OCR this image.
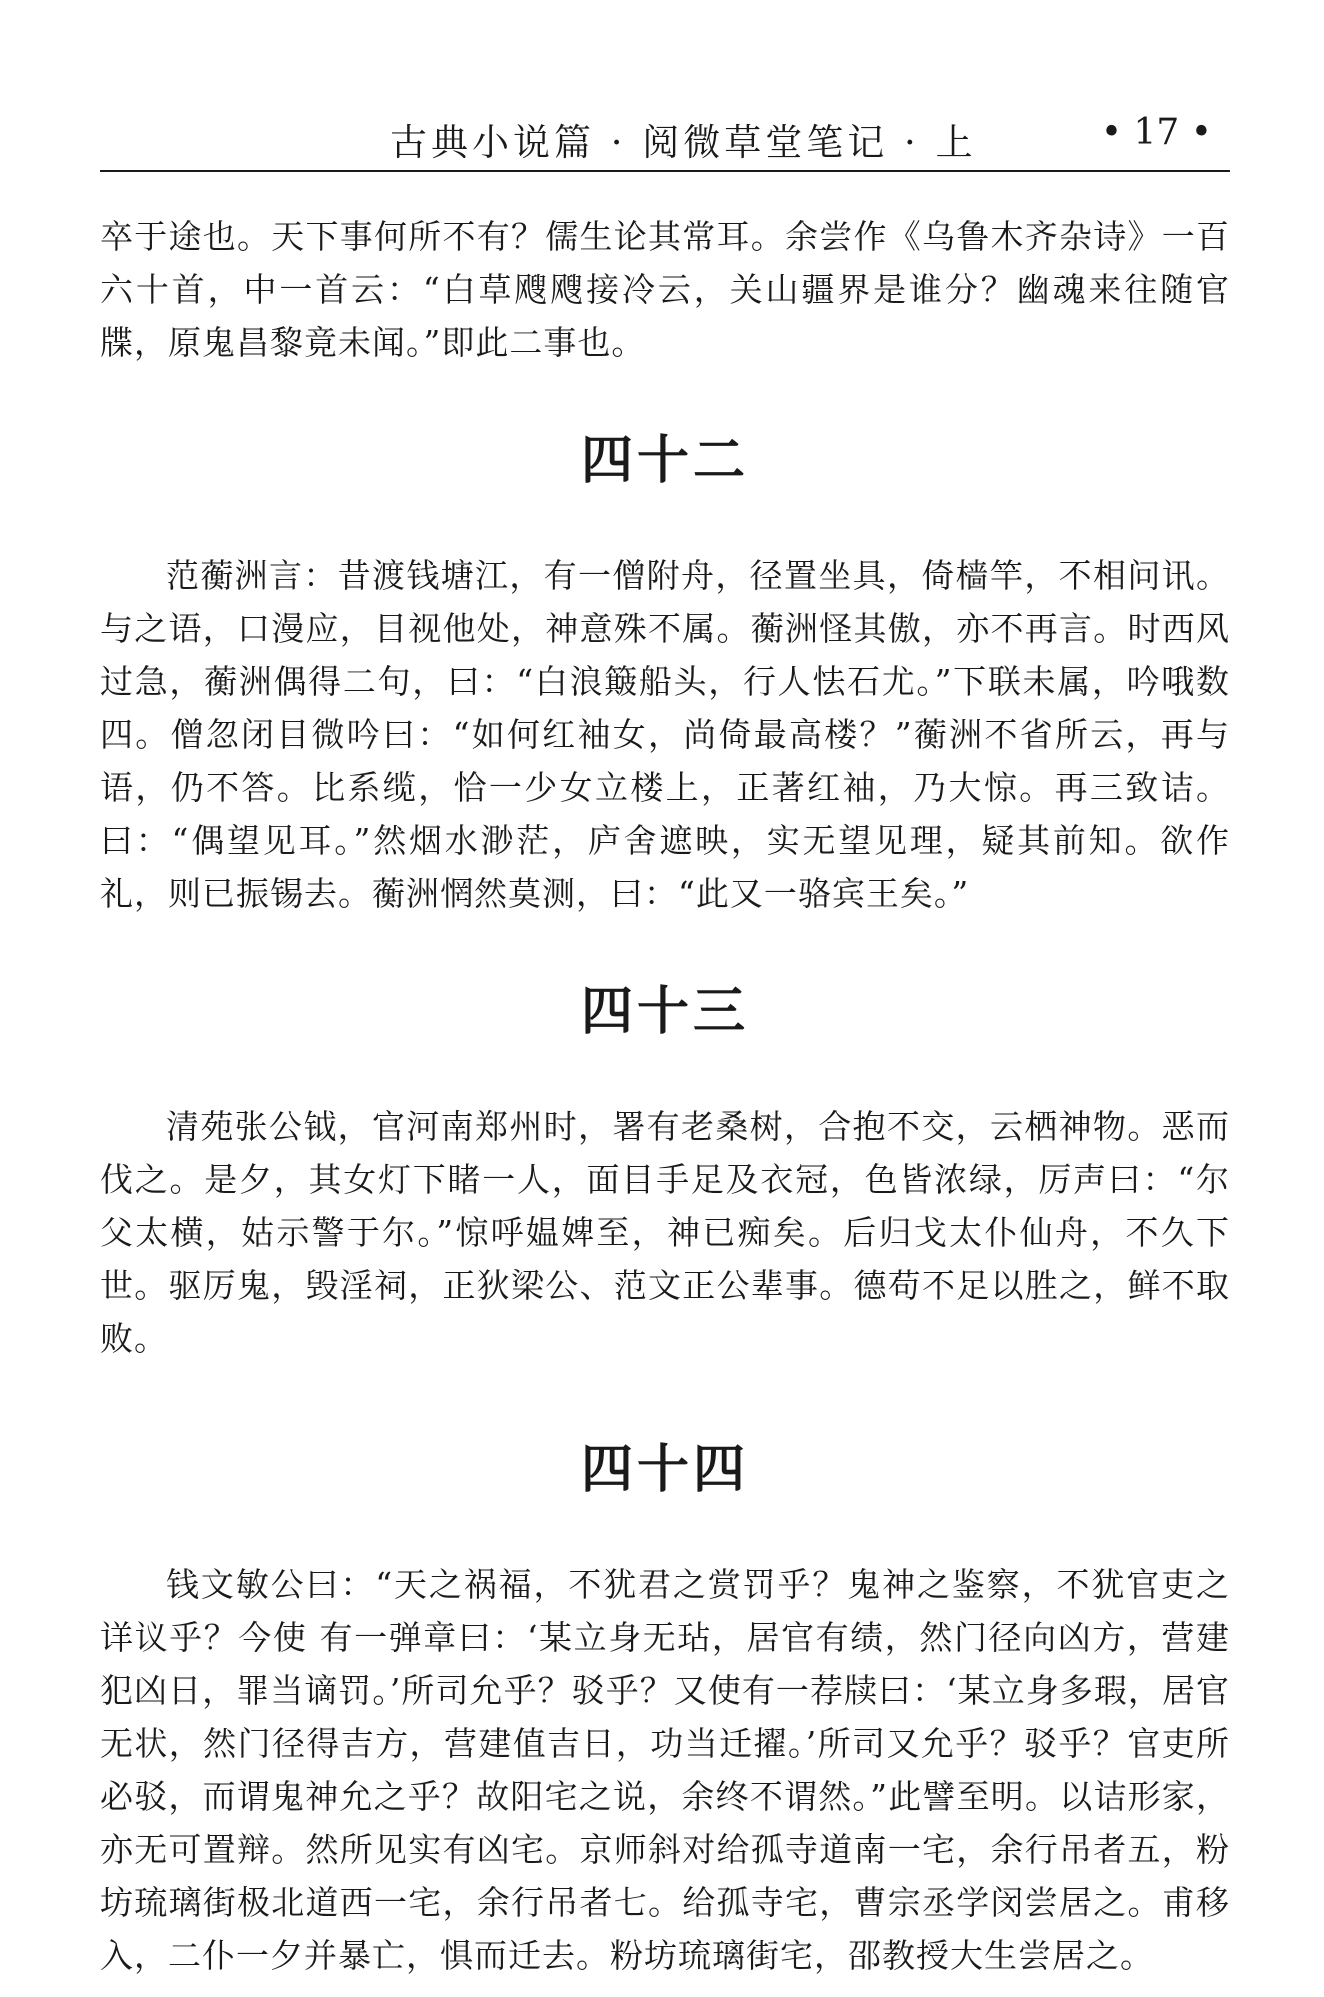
古典小说篇 · 阅微草堂笔记 · 上	• 17 •

卒于途也。天下事何所不有？儒生论其常耳。余尝作《乌鲁木齐杂诗》一百六十首，中一首云：“白草飕飕接冷云，关山疆界是谁分？幽魂来往随官牒，原鬼昌黎竟未闻。”即此二事也。

四十二

范蘅洲言：昔渡钱塘江，有一僧附舟，径置坐具，倚樯竿，不相问讯。与之语，口漫应，目视他处，神意殊不属。蘅洲怪其傲，亦不再言。时西风过急，蘅洲偶得二句，曰：“白浪簸船头，行人怯石尤。”下联未属，吟哦数四。僧忽闭目微吟曰：“如何红袖女，尚倚最高楼？”蘅洲不省所云，再与语，仍不答。比系缆，恰一少女立楼上，正著红袖，乃大惊。再三致诘。曰：“偶望见耳。”然烟水渺茫，庐舍遮映，实无望见理，疑其前知。欲作礼，则已振锡去。蘅洲惘然莫测，曰：“此又一骆宾王矣。”

四十三

清苑张公钺，官河南郑州时，署有老桑树，合抱不交，云栖神物。恶而伐之。是夕，其女灯下睹一人，面目手足及衣冠，色皆浓绿，厉声曰：“尔父太横，姑示警于尔。”惊呼媪婢至，神已痴矣。后归戈太仆仙舟，不久下世。驱厉鬼，毁淫祠，正狄梁公、范文正公辈事。德苟不足以胜之，鲜不取败。

四十四

钱文敏公曰：“天之祸福，不犹君之赏罚乎？鬼神之鉴察，不犹官吏之详议乎？今使 有一弹章曰：‘某立身无玷，居官有绩，然门径向凶方，营建犯凶日，罪当谪罚。’所司允乎？驳乎？又使有一荐牍曰：‘某立身多瑕，居官无状，然门径得吉方，营建值吉日，功当迁擢。’所司又允乎？驳乎？官吏所必驳，而谓鬼神允之乎？故阳宅之说，余终不谓然。”此譬至明。以诘形家，亦无可置辩。然所见实有凶宅。京师斜对给孤寺道南一宅，余行吊者五，粉坊琉璃街极北道西一宅，余行吊者七。给孤寺宅，曹宗丞学闵尝居之。甫移入，二仆一夕并暴亡，惧而迁去。粉坊琉璃街宅，邵教授大生尝居之。
